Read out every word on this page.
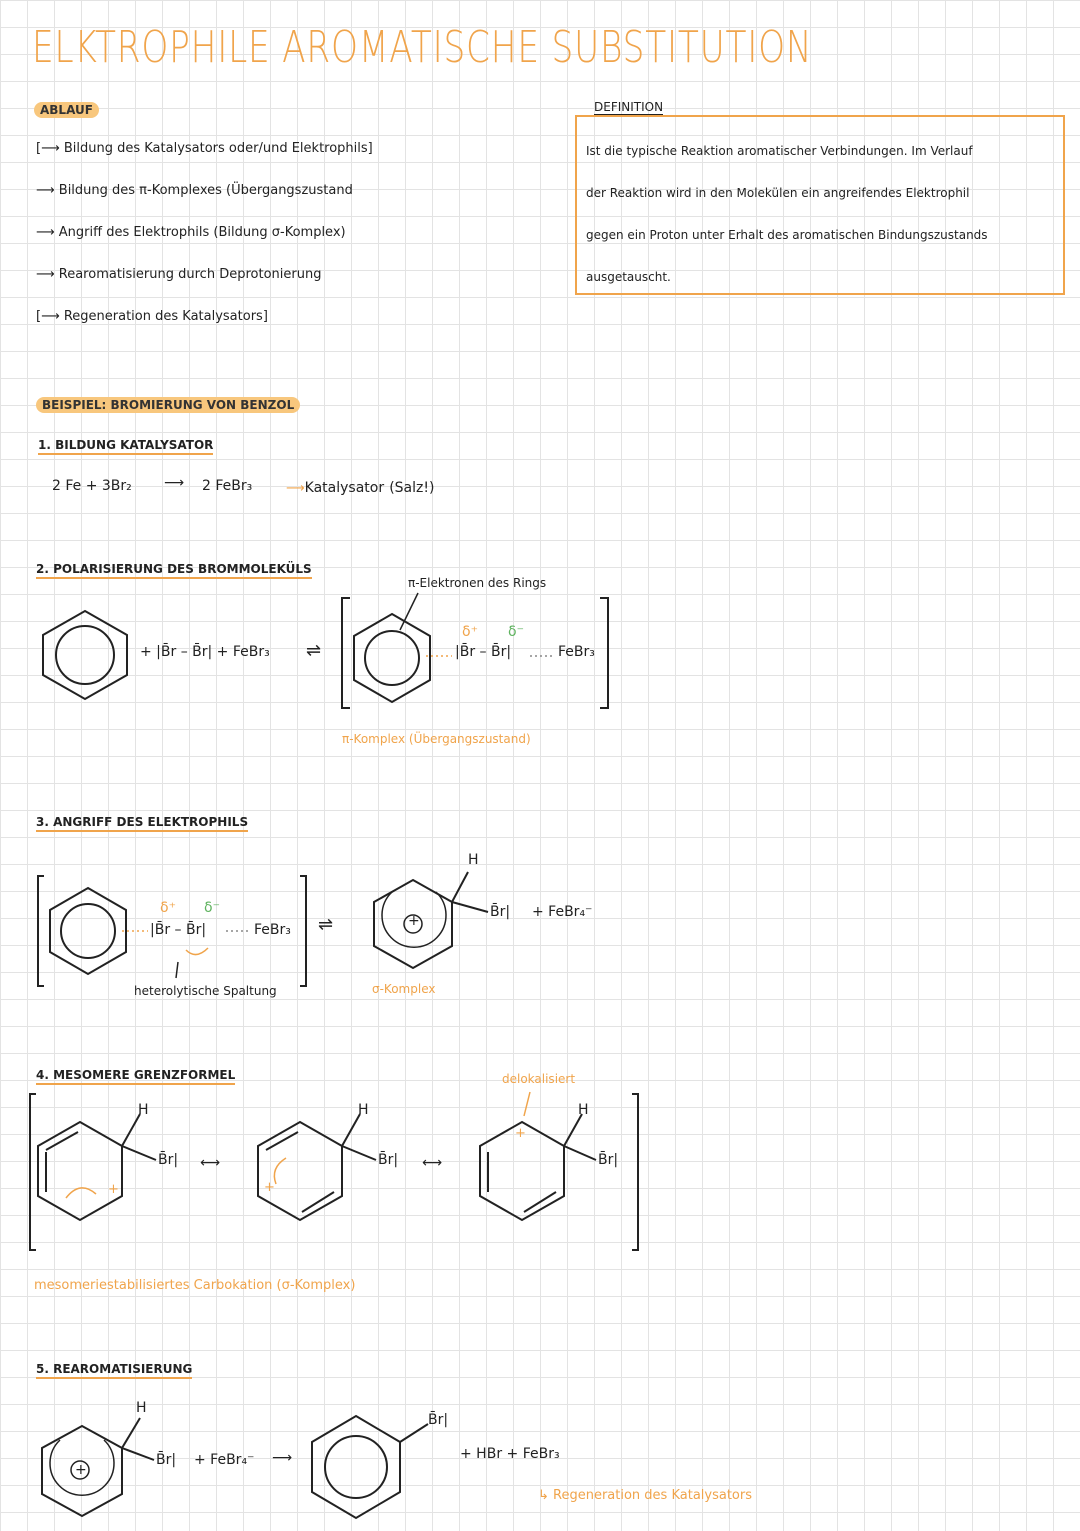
ELKTROPHILE AROMATISCHE SUBSTITUTION
ABLAUF
[⟶ Bildung des Katalysators oder/und Elektrophils]
⟶ Bildung des π-Komplexes (Übergangszustand
⟶ Angriff des Elektrophils (Bildung σ-Komplex)
⟶ Rearomatisierung durch Deprotonierung
[⟶ Regeneration des Katalysators]
DEFINITION
Ist die typische Reaktion aromatischer Verbindungen. Im Verlauf
der Reaktion wird in den Molekülen ein angreifendes Elektrophil
gegen ein Proton unter Erhalt des aromatischen Bindungszustands
ausgetauscht.
BEISPIEL: BROMIERUNG VON BENZOL
1. BILDUNG KATALYSATOR
2 Fe + 3Br₂ ⟶ 2 FeBr₃	⟶Katalysator (Salz!)
2. POLARISIERUNG DES BROMMOLEKÜLS
π-Elektronen des Rings
+ |B̄r – B̄r| + FeBr₃ ⇌
δ⁺ δ⁻
|B̄r – B̄r|	FeBr₃
π-Komplex (Übergangszustand)
3. ANGRIFF DES ELEKTROPHILS
δ⁺ δ⁻
|B̄r – B̄r|	FeBr₃
heterolytische Spaltung
⇌
H
+
B̄r| + FeBr₄⁻
σ-Komplex
4. MESOMERE GRENZFORMEL	delokalisiert
H
B̄r|
+
⟷
H
B̄r|
+
⟷
H
B̄r|
+
mesomeriestabilisiertes Carbokation (σ-Komplex)
5. REAROMATISIERUNG
H
+
B̄r| + FeBr₄⁻ ⟶
B̄r|
+ HBr + FeBr₃
↳ Regeneration des Katalysators
